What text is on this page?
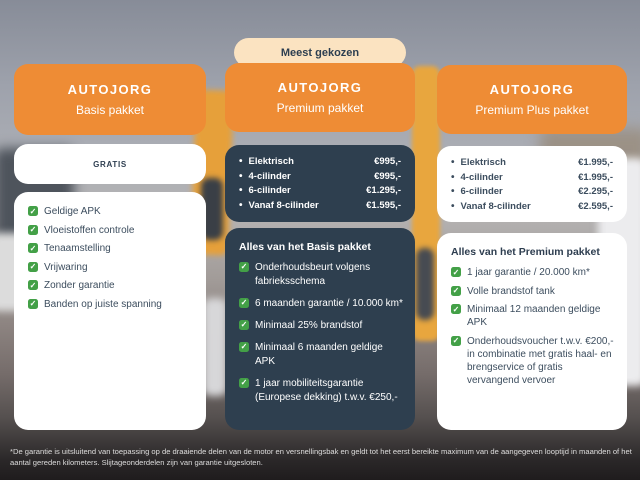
AUTOJORG
Basis pakket
GRATIS
✓
Geldige APK
✓
Vloeistoffen controle
✓
Tenaamstelling
✓
Vrijwaring
✓
Zonder garantie
✓
Banden op juiste spanning
Meest gekozen
AUTOJORG
Premium pakket
• Elektrisch	€995,-
• 4-cilinder	€995,-
• 6-cilinder	€1.295,-
• Vanaf 8-cilinder	€1.595,-
Alles van het Basis pakket
✓
Onderhoudsbeurt volgens fabrieksschema
✓
6 maanden garantie / 10.000 km*
✓
Minimaal 25% brandstof
✓
Minimaal 6 maanden geldige APK
✓
1 jaar mobiliteitsgarantie (Europese dekking) t.w.v. €250,-
AUTOJORG
Premium Plus pakket
• Elektrisch	€1.995,-
• 4-cilinder	€1.995,-
• 6-cilinder	€2.295,-
• Vanaf 8-cilinder	€2.595,-
Alles van het Premium pakket
✓
1 jaar garantie / 20.000 km*
✓
Volle brandstof tank
✓
Minimaal 12 maanden geldige APK
✓
Onderhoudsvoucher t.w.v. €200,- in combinatie met gratis haal- en brengservice of gratis vervangend vervoer
*De garantie is uitsluitend van toepassing op de draaiende delen van de motor en versnellingsbak en geldt tot het eerst bereikte maximum van de aangegeven looptijd in maanden of het aantal gereden kilometers. Slijtageonderdelen zijn van garantie uitgesloten.
